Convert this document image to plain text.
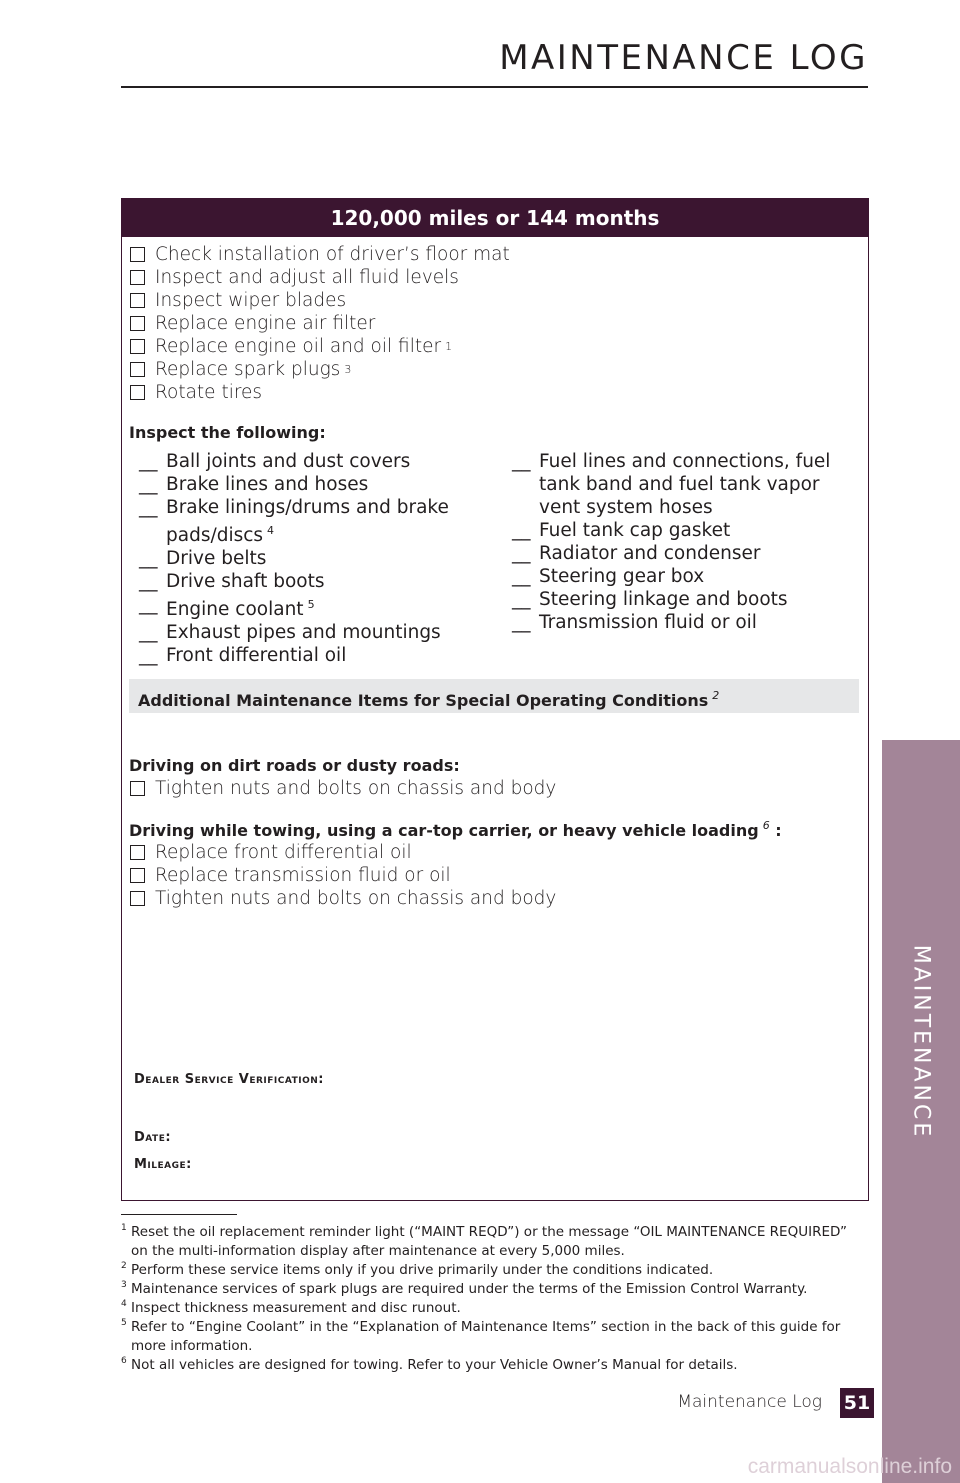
MAINTENANCE LOG
120,000 miles or 144 months
Check installation of driver’s floor mat
Inspect and adjust all fluid levels
Inspect wiper blades
Replace engine air filter
Replace engine oil and oil filter 1
Replace spark plugs 3
Rotate tires
Inspect the following:
__ Ball joints and dust covers
__ Brake lines and hoses
__ Brake linings/drums and brake pads/discs $^4$
__ Drive belts
__ Drive shaft boots
__ Engine coolant $^5$
__ Exhaust pipes and mountings
__ Front differential oil
__ Fuel lines and connections, fuel tank band and fuel tank vapor vent system hoses
__ Fuel tank cap gasket
__ Radiator and condenser
__ Steering gear box
__ Steering linkage and boots
__ Transmission fluid or oil
Additional Maintenance Items for Special Operating Conditions $^2$
Driving on dirt roads or dusty roads:
Tighten nuts and bolts on chassis and body
Driving while towing, using a car-top carrier, or heavy vehicle loading $^6$ :
Replace front differential oil
Replace transmission fluid or oil
Tighten nuts and bolts on chassis and body
Dealer Service Verification:
Date:
Mileage:
1 Reset the oil replacement reminder light (“MAINT REQD”) or the message “OIL MAINTENANCE REQUIRED” on the multi-information display after maintenance at every 5,000 miles.
2 Perform these service items only if you drive primarily under the conditions indicated.
3 Maintenance services of spark plugs are required under the terms of the Emission Control Warranty.
4 Inspect thickness measurement and disc runout.
5 Refer to “Engine Coolant” in the “Explanation of Maintenance Items” section in the back of this guide for more information.
6 Not all vehicles are designed for towing. Refer to your Vehicle Owner’s Manual for details.
MAINTENANCE
Maintenance Log 51
carmanualsonline.info
